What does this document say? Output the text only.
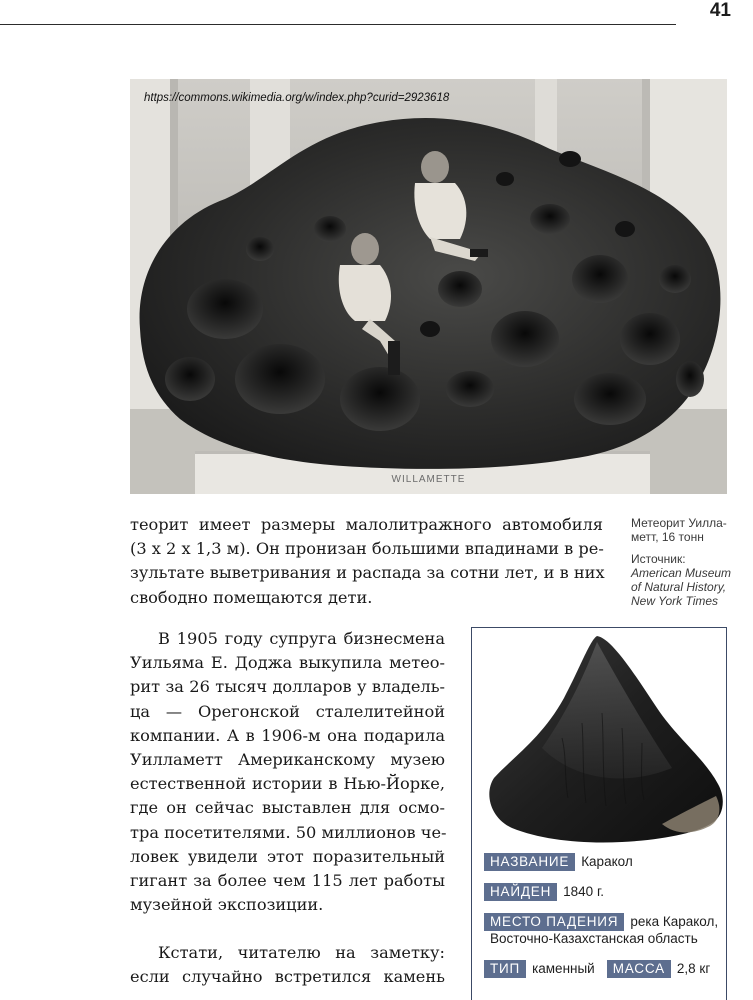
41
https://commons.wikimedia.org/w/index.php?curid=2923618
WILLAMETTE
Метеорит Уилла-
метт, 16 тонн
Источник:
American Museum
of Natural History,
New York Times
теорит имеет размеры малолитражного автомобиля
(3 х 2 х 1,3 м). Он пронизан большими впадинами в ре-
зультате выветривания и распада за сотни лет, и в них
свободно помещаются дети.
В 1905 году супруга бизнесмена
Уильяма Е. Доджа выкупила метео-
рит за 26 тысяч долларов у владель-
ца — Орегонской сталелитейной
компании. А в 1906-м она подарила
Уилламетт Американскому музею
естественной истории в Нью-Йорке,
где он сейчас выставлен для осмо-
тра посетителями. 50 миллионов че-
ловек увидели этот поразительный
гигант за более чем 115 лет работы
музейной экспозиции.
Кстати, читателю на заметку:
если случайно встретился камень
НАЗВАНИЕ Каракол
НАЙДЕН 1840 г.
МЕСТО ПАДЕНИЯ река Каракол,
Восточно-Казахстанская область
ТИП каменный МАССА 2,8 кг
